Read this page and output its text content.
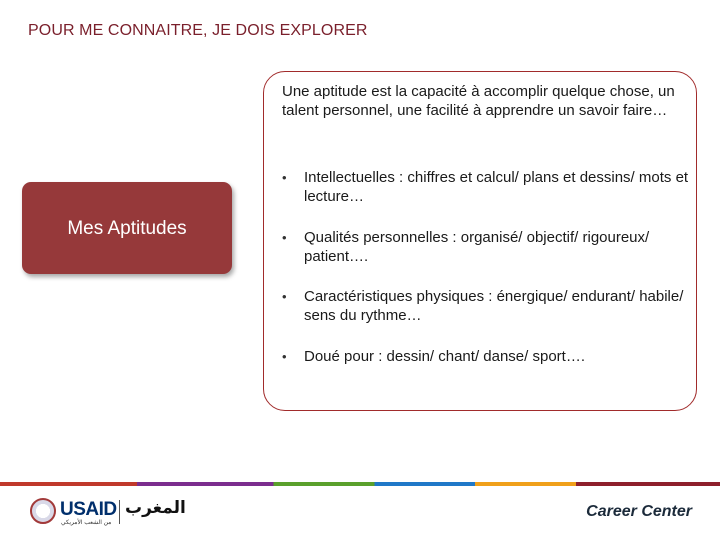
POUR ME CONNAITRE, JE DOIS EXPLORER
Mes Aptitudes
Une aptitude est la capacité à accomplir quelque chose, un talent personnel, une facilité à apprendre un savoir faire…
• Intellectuelles : chiffres et calcul/ plans et dessins/ mots et lecture…
• Qualités personnelles : organisé/ objectif/ rigoureux/ patient….
• Caractéristiques physiques : énergique/ endurant/ habile/ sens du rythme…
• Doué pour : dessin/ chant/ danse/ sport….
USAID
من الشعب الأمريكي
المغرب	Career Center
